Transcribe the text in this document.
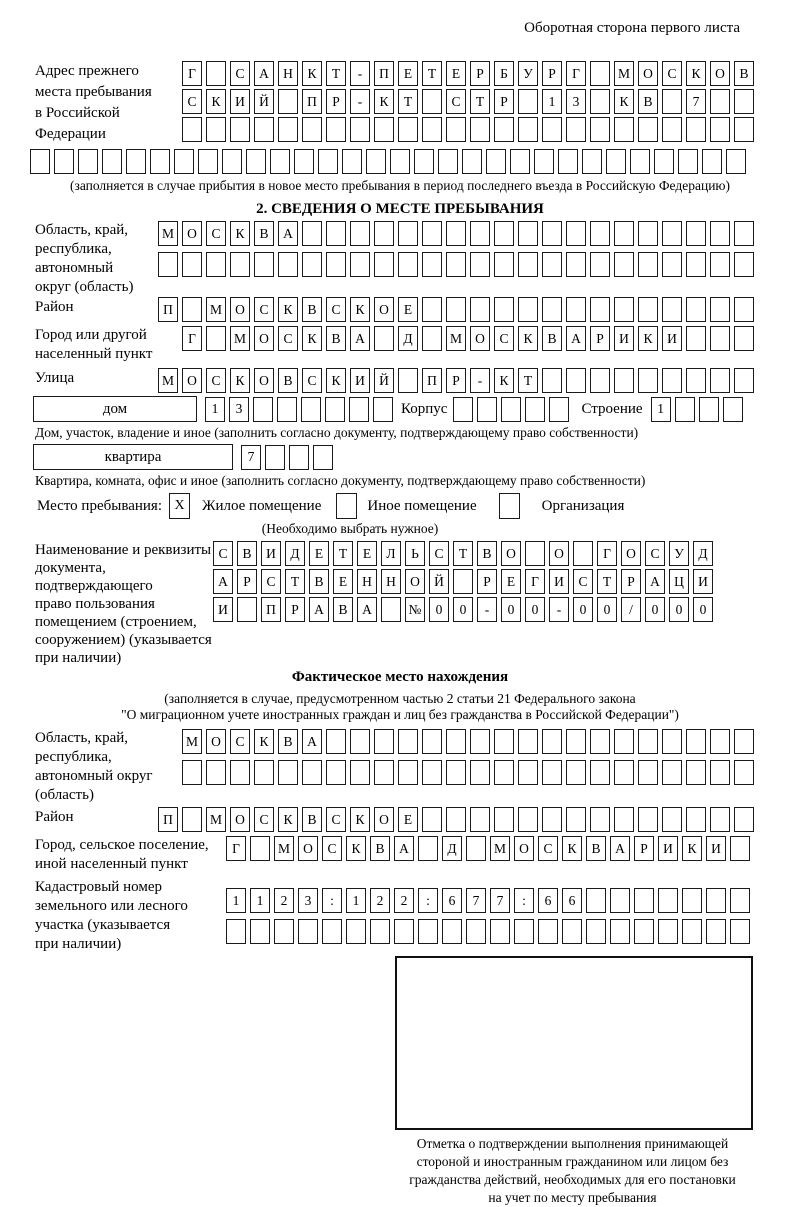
Оборотная сторона первого листа
Адрес прежнего
места пребывания
в Российской
Федерации
Г	С	А	Н	К	Т	-	П	Е	Т	Е	Р	Б	У	Р	Г	М О	С	К	О	В
С	К	И	Й	П	Р	-	К	Т	С	Т	Р	1	3	К	В	7
(заполняется в случае прибытия в новое место пребывания в период последнего въезда в Российскую Федерацию)
2. СВЕДЕНИЯ О МЕСТЕ ПРЕБЫВАНИЯ
Область, край,
республика,
автономный
округ (область)
М О	С	К	В	А
Район	П	М О	С	К	В	С	К	О	Е
Город или другой
населенный пункт
Г	М О	С	К	В	А	Д	М О	С	К	В	А	Р	И	К	И
Улица	М О	С	К	О	В	С	К	И	Й	П	Р	-	К	Т
дом	1	3	Корпус	Строение	1
Дом, участок, владение и иное (заполнить согласно документу, подтверждающему право собственности)
квартира	7
Квартира, комната, офис и иное (заполнить согласно документу, подтверждающему право собственности)
Место пребывания: X	Жилое помещение	Иное помещение	Организация
(Необходимо выбрать нужное)
Наименование и реквизиты
документа, подтверждающего
право пользования
помещением (строением,
сооружением) (указывается
при наличии)
С	В	И	Д	Е	Т	Е	Л	Ь	С	Т	В	О	О	Г	О	С	У	Д
А	Р	С	Т	В	Е	Н	Н	О	Й	Р	Е	Г	И	С	Т	Р	А	Ц	И
И	П	Р	А	В	А	№	0	0	-	0	0	-	0	0	/	0	0	0
Фактическое место нахождения
(заполняется в случае, предусмотренном частью 2 статьи 21 Федерального закона
"О миграционном учете иностранных граждан и лиц без гражданства в Российской Федерации")
Область, край,
республика,
автономный округ
(область)
М О	С	К	В	А
Район	П	М О	С	К	В	С	К	О	Е
Город, сельское поселение,
иной населенный пункт
Г	М О	С	К	В	А	Д	М О	С	К	В	А	Р	И	К	И
Кадастровый номер
земельного или лесного
участка (указывается
при наличии)
1	1	2	3	:	1	2	2	:	6	7	7	:	6	6
Отметка о подтверждении выполнения принимающей
стороной и иностранным гражданином или лицом без
гражданства действий, необходимых для его постановки
на учет по месту пребывания
